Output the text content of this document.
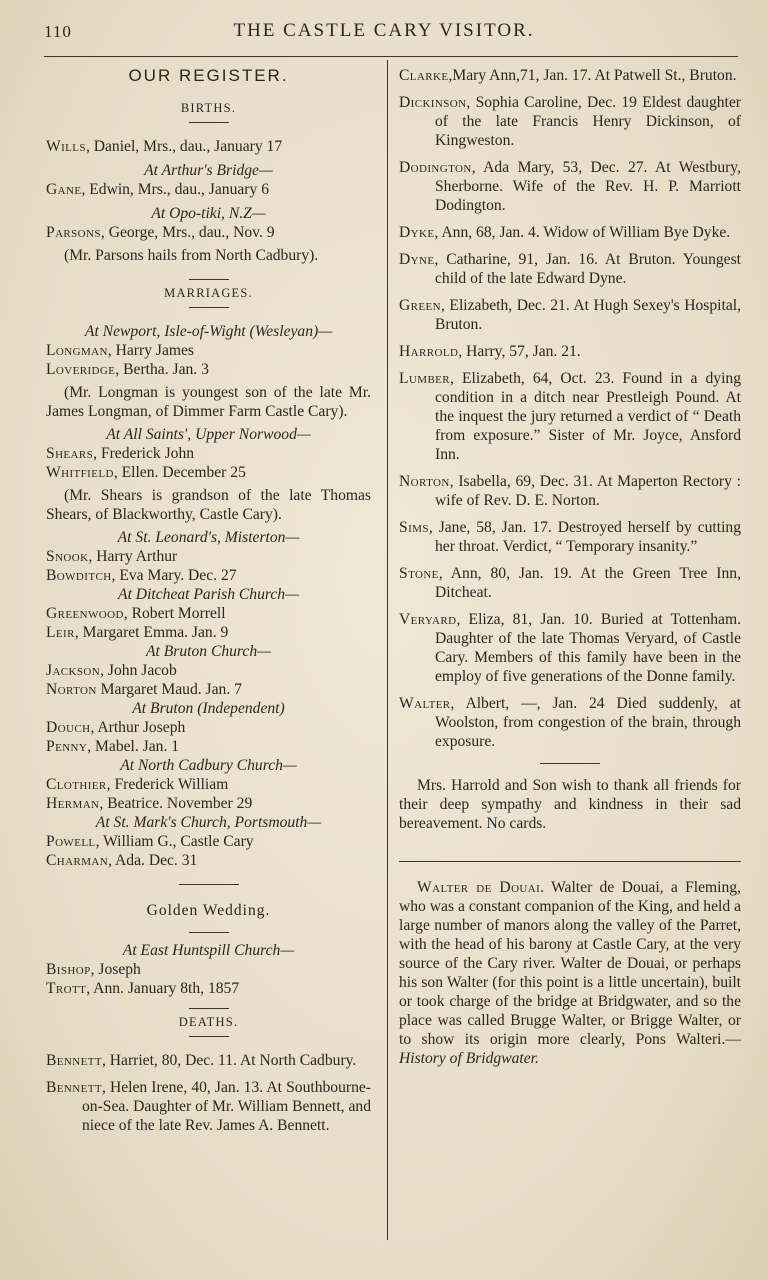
110	THE CASTLE CARY VISITOR.
OUR REGISTER.
BIRTHS.
Wills, Daniel, Mrs., dau., January 17
At Arthur's Bridge—
Gane, Edwin, Mrs., dau., January 6
At Opo-tiki, N.Z—
Parsons, George, Mrs., dau., Nov. 9

(Mr. Parsons hails from North Cadbury).

MARRIAGES.
At Newport, Isle-of-Wight (Wesleyan)—
Longman, Harry James
Loveridge, Bertha. Jan. 3

(Mr. Longman is youngest son of the late Mr. James Longman, of Dimmer Farm Castle Cary).

At All Saints', Upper Norwood—
Shears, Frederick John
Whitfield, Ellen. December 25

(Mr. Shears is grandson of the late Thomas Shears, of Blackworthy, Castle Cary).

At St. Leonard's, Misterton—
Snook, Harry Arthur
Bowditch, Eva Mary. Dec. 27
At Ditcheat Parish Church—
Greenwood, Robert Morrell
Leir, Margaret Emma. Jan. 9
At Bruton Church—
Jackson, John Jacob
Norton Margaret Maud. Jan. 7
At Bruton (Independent)
Douch, Arthur Joseph
Penny, Mabel. Jan. 1
At North Cadbury Church—
Clothier, Frederick William
Herman, Beatrice. November 29
At St. Mark's Church, Portsmouth—
Powell, William G., Castle Cary
Charman, Ada. Dec. 31
Golden Wedding.
At East Huntspill Church—
Bishop, Joseph
Trott, Ann. January 8th, 1857
DEATHS.

Bennett, Harriet, 80, Dec. 11. At North Cadbury.

Bennett, Helen Irene, 40, Jan. 13. At Southbourne-on-Sea. Daughter of Mr. William Bennett, and niece of the late Rev. James A. Bennett.

Clarke,Mary Ann,71, Jan. 17. At Patwell St., Bruton.

Dickinson, Sophia Caroline, Dec. 19 Eldest daughter of the late Francis Henry Dickinson, of Kingweston.

Dodington, Ada Mary, 53, Dec. 27. At Westbury, Sherborne. Wife of the Rev. H. P. Marriott Dodington.

Dyke, Ann, 68, Jan. 4. Widow of William Bye Dyke.

Dyne, Catharine, 91, Jan. 16. At Bruton. Youngest child of the late Edward Dyne.

Green, Elizabeth, Dec. 21. At Hugh Sexey's Hospital, Bruton.

Harrold, Harry, 57, Jan. 21.

Lumber, Elizabeth, 64, Oct. 23. Found in a dying condition in a ditch near Prestleigh Pound. At the inquest the jury returned a verdict of “ Death from exposure.” Sister of Mr. Joyce, Ansford Inn.

Norton, Isabella, 69, Dec. 31. At Maperton Rectory : wife of Rev. D. E. Norton.

Sims, Jane, 58, Jan. 17. Destroyed herself by cutting her throat. Verdict, “ Temporary insanity.”

Stone, Ann, 80, Jan. 19. At the Green Tree Inn, Ditcheat.

Veryard, Eliza, 81, Jan. 10. Buried at Tottenham. Daughter of the late Thomas Veryard, of Castle Cary. Members of this family have been in the employ of five generations of the Donne family.

Walter, Albert, —, Jan. 24 Died suddenly, at Woolston, from congestion of the brain, through exposure.

Mrs. Harrold and Son wish to thank all friends for their deep sympathy and kindness in their sad bereavement. No cards.

Walter de Douai. Walter de Douai, a Fleming, who was a constant companion of the King, and held a large number of manors along the valley of the Parret, with the head of his barony at Castle Cary, at the very source of the Cary river. Walter de Douai, or perhaps his son Walter (for this point is a little uncertain), built or took charge of the bridge at Bridgwater, and so the place was called Brugge Walter, or Brigge Walter, or to show its origin more clearly, Pons Walteri.—History of Bridgwater.
